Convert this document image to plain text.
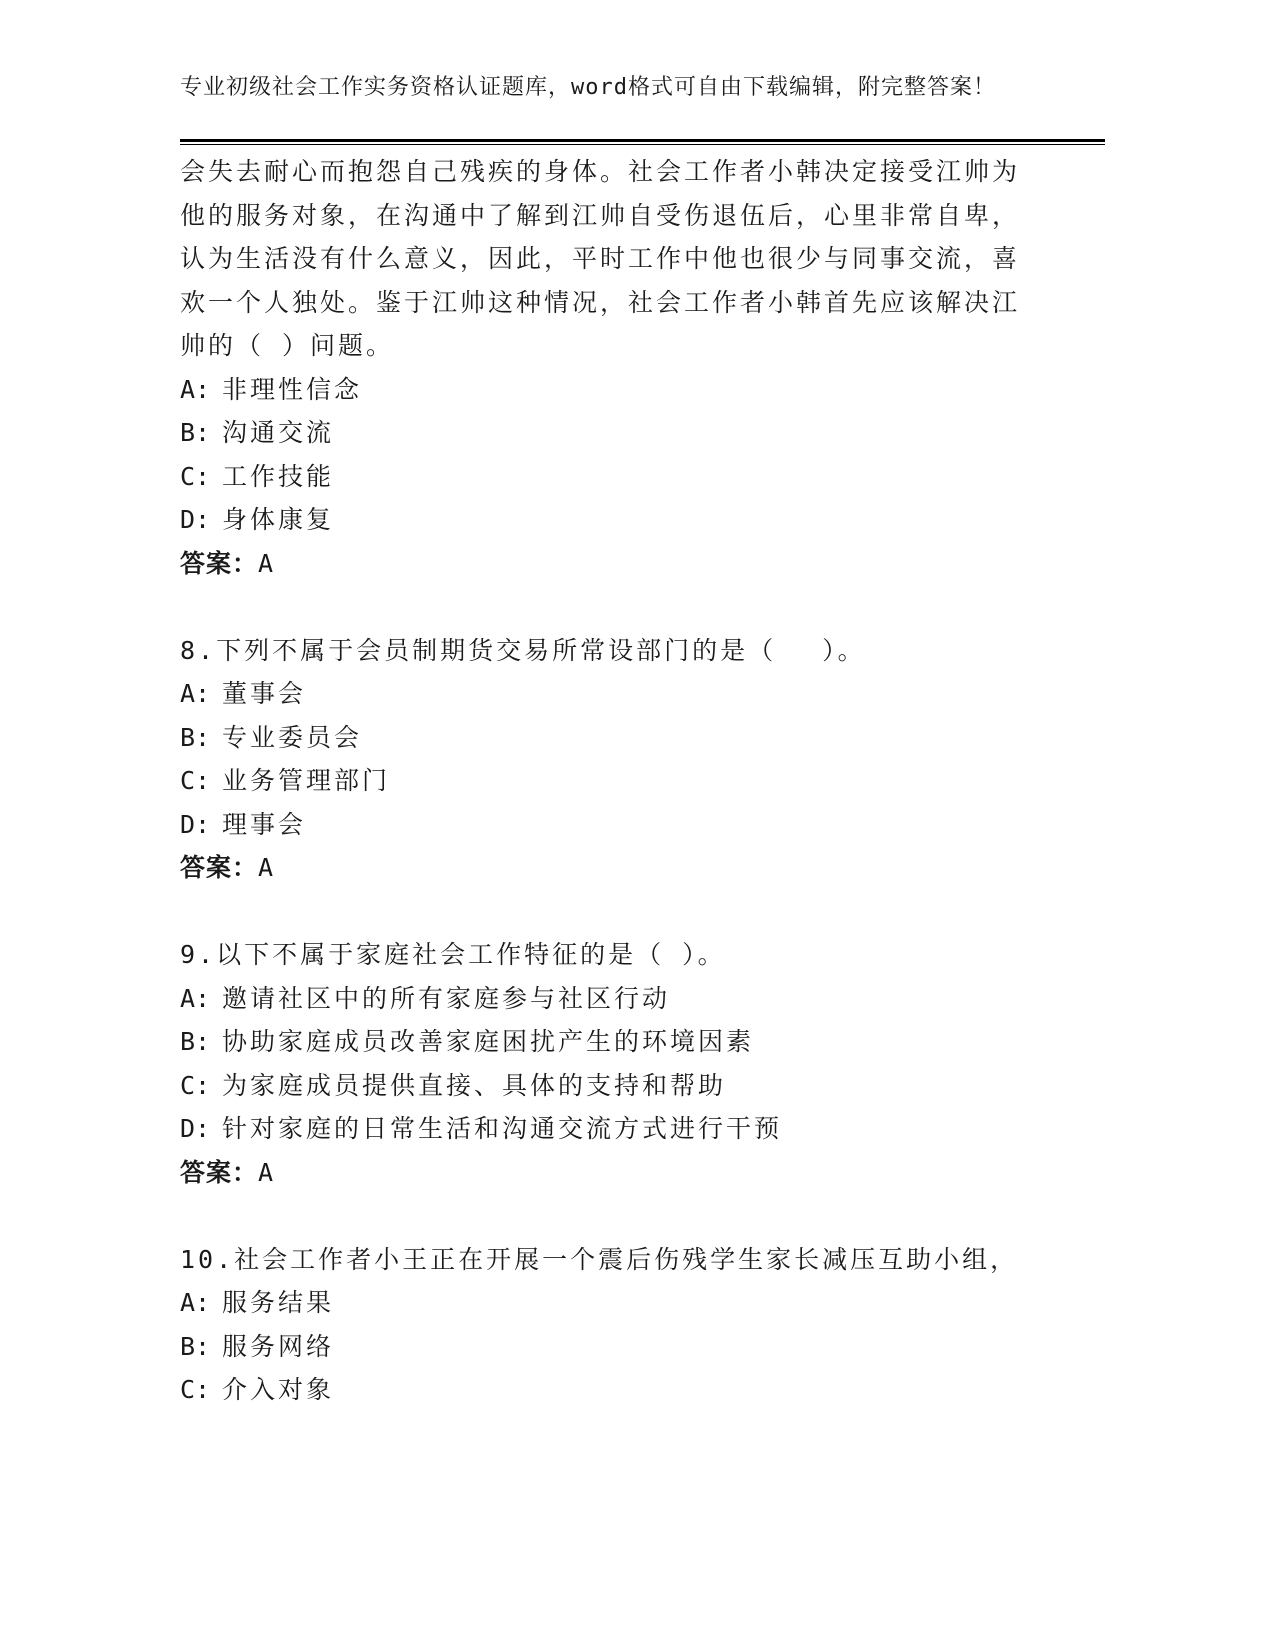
专业初级社会工作实务资格认证题库，word格式可自由下载编辑，附完整答案！
会失去耐心而抱怨自己残疾的身体。社会工作者小韩决定接受江帅为
他的服务对象，在沟通中了解到江帅自受伤退伍后，心里非常自卑，
认为生活没有什么意义，因此，平时工作中他也很少与同事交流，喜
欢一个人独处。鉴于江帅这种情况，社会工作者小韩首先应该解决江
帅的（ ）问题。
A: 非理性信念
B: 沟通交流
C: 工作技能
D: 身体康复
答案：A
8.下列不属于会员制期货交易所常设部门的是（　 ）。
A: 董事会
B: 专业委员会
C: 业务管理部门
D: 理事会
答案：A
9.以下不属于家庭社会工作特征的是（ ）。
A: 邀请社区中的所有家庭参与社区行动
B: 协助家庭成员改善家庭困扰产生的环境因素
C: 为家庭成员提供直接、具体的支持和帮助
D: 针对家庭的日常生活和沟通交流方式进行干预
答案：A
10.社会工作者小王正在开展一个震后伤残学生家长减压互助小组，
A: 服务结果
B: 服务网络
C: 介入对象
